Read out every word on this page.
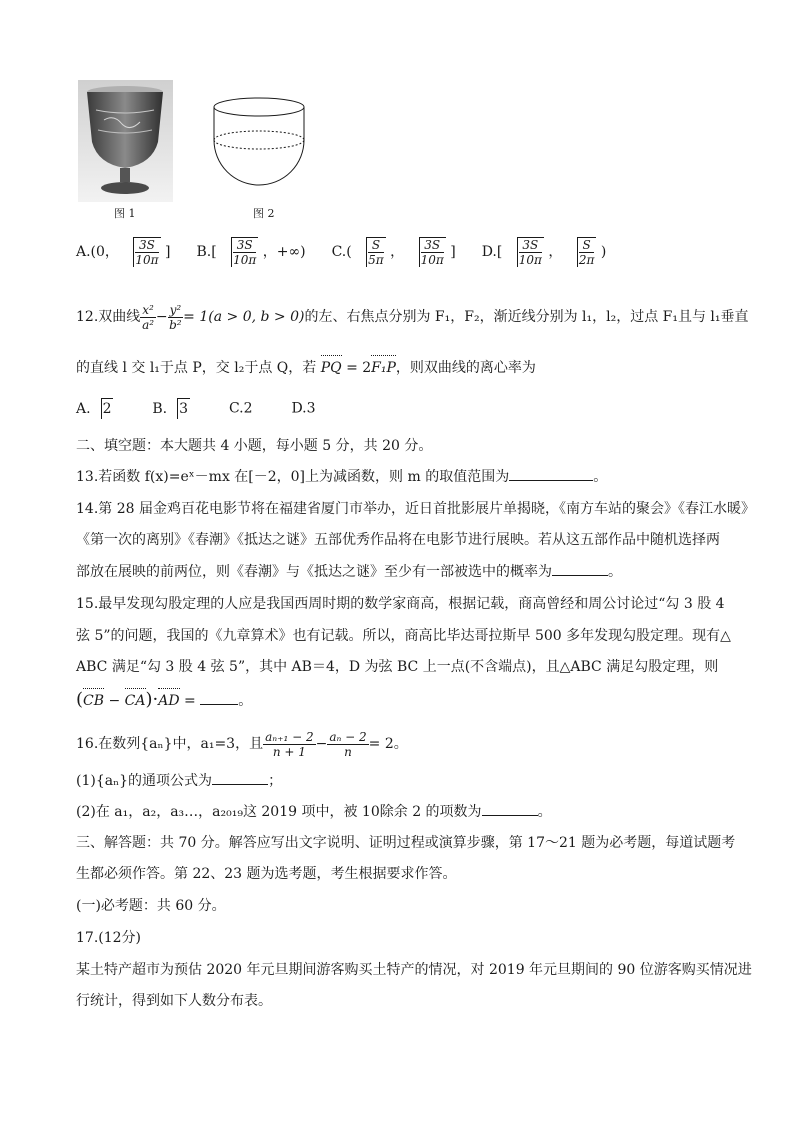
图 1	图 2
A.(0， $\frac{3S}{10\pi}$ ] $B.[ \frac{3S}{10\pi}$ ，+∞) $C.( \frac{S}{5\pi}$ ， $\frac{3S}{10\pi}$ ] $D.[ \frac{3S}{10\pi}$ ， $\frac{S}{2\pi}$ )
12.双曲线 $\frac{\text{x²}}{\text{a²}} - \frac{\text{y²}}{\text{b²}} = 1(a > 0$, b > 0) 的左、右焦点分别为 F₁，F₂，渐近线分别为 l₁，l₂，过点 F₁且与 l₁垂直
的直线 l 交 l₁于点 P，交 l₂于点 Q，若 PQ = 2F₁P，则双曲线的离心率为
A. 2	B. 3	C.2	D.3
二、填空题：本大题共 4 小题，每小题 5 分，共 20 分。
13.若函数 f(x)=eˣ－mx 在[－2，0]上为减函数，则 m 的取值范围为	。
14.第 28 届金鸡百花电影节将在福建省厦门市举办，近日首批影展片单揭晓，《南方车站的聚会》《春江水暖》
《第一次的离别》《春潮》《抵达之谜》五部优秀作品将在电影节进行展映。若从这五部作品中随机选择两
部放在展映的前两位，则《春潮》与《抵达之谜》至少有一部被选中的概率为	。
15.最早发现勾股定理的人应是我国西周时期的数学家商高，根据记载，商高曾经和周公讨论过“勾 3 股 4
弦 5”的问题，我国的《九章算术》也有记载。所以，商高比毕达哥拉斯早 500 多年发现勾股定理。现有△
ABC 满足“勾 3 股 4 弦 5”，其中 AB＝4，D 为弦 BC 上一点(不含端点)，且△ABC 满足勾股定理，则
(CB − CA)·AD =	。
16.在数列{aₙ}中，a₁=3，且 $\frac{\text{aₙ₊₁ − 2}}{n + 1} - \frac{\text{aₙ − 2}}{n} = 2$ 。
(1){aₙ}的通项公式为	；
(2)在 a₁，a₂，a₃…，a₂₀₁₉这 2019 项中，被 10除余 2 的项数为	。
三、解答题：共 70 分。解答应写出文字说明、证明过程或演算步骤，第 17～21 题为必考题，每道试题考
生都必须作答。第 22、23 题为选考题，考生根据要求作答。
(一)必考题：共 60 分。
17.(12分)
某土特产超市为预估 2020 年元旦期间游客购买土特产的情况，对 2019 年元旦期间的 90 位游客购买情况进
行统计，得到如下人数分布表。
